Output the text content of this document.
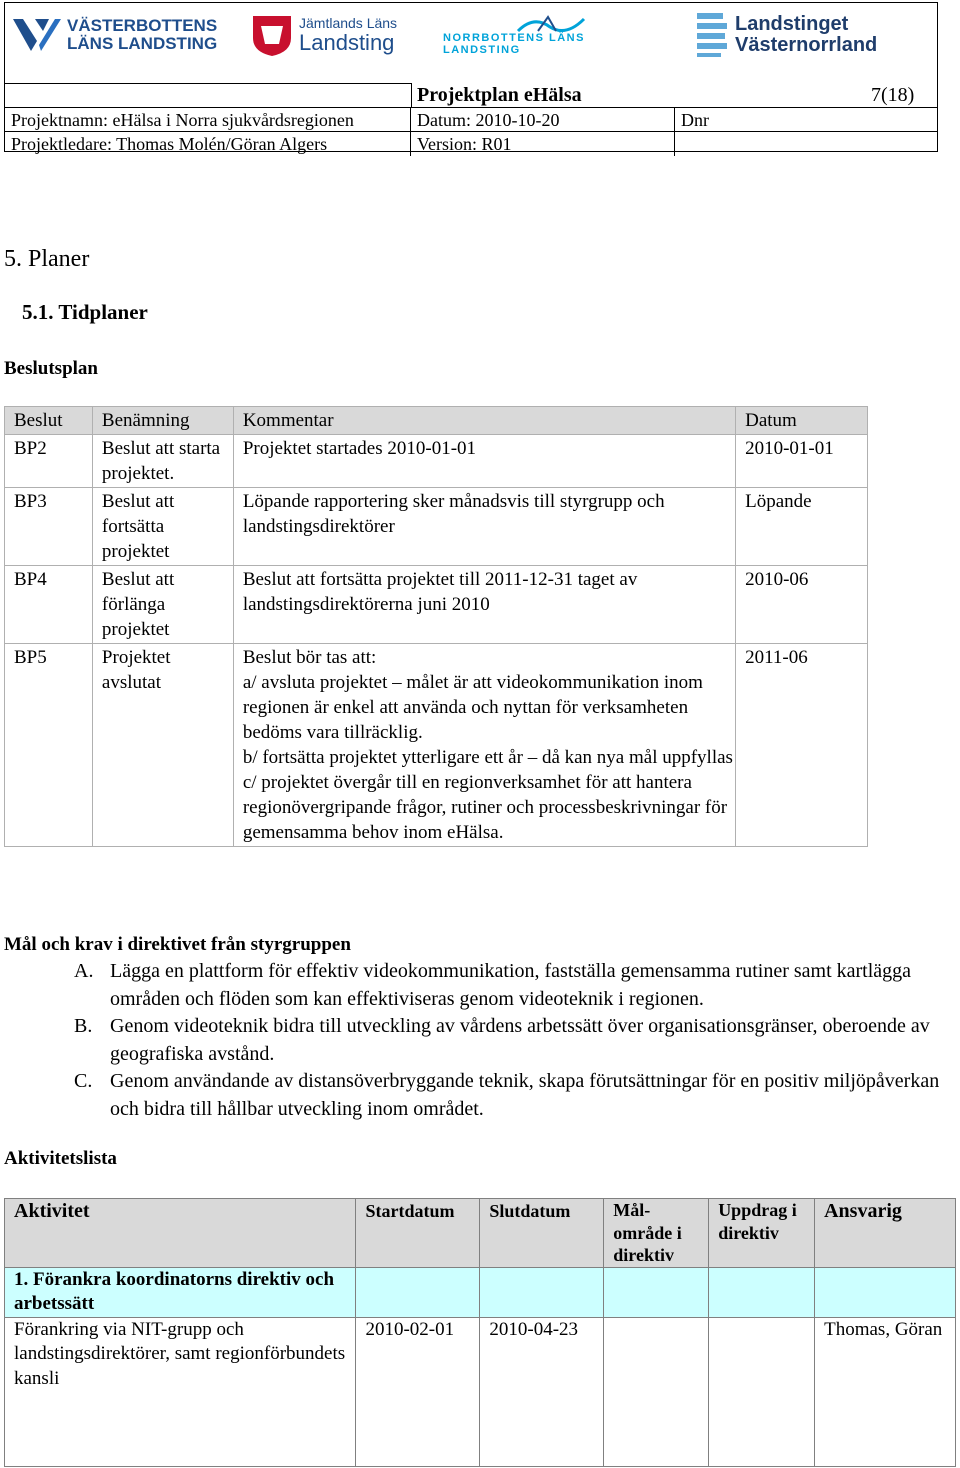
VÄSTERBOTTENS
LÄNS LANDSTING
Jämtlands Läns
Landsting	NORRBOTTENS LÄNS LANDSTING
Landstinget
Västernorrland
Projektplan eHälsa	7(18)
Projektnamn: eHälsa i Norra sjukvårdsregionen	Datum: 2010-10-20	Dnr
Projektledare: Thomas Molén/Göran Algers	Version: R01
5. Planer
5.1. Tidplaner
Beslutsplan
Beslut	Benämning	Kommentar	Datum
BP2	Beslut att starta projektet.	Projektet startades 2010-01-01	2010-01-01
BP3	Beslut att fortsätta projektet	Löpande rapportering sker månadsvis till styrgrupp och landstingsdirektörer	Löpande
BP4	Beslut att förlänga projektet	Beslut att fortsätta projektet till 2011-12-31 taget av landstingsdirektörerna juni 2010	2010-06
BP5	Projektet avslutat	Beslut bör tas att:
a/ avsluta projektet – målet är att videokommunikation inom regionen är enkel att använda och nyttan för verksamheten bedöms vara tillräcklig.
b/ fortsätta projektet ytterligare ett år – då kan nya mål uppfyllas
c/ projektet övergår till en regionverksamhet för att hantera regionövergripande frågor, rutiner och processbeskrivningar för gemensamma behov inom eHälsa.	2011-06
Mål och krav i direktivet från styrgruppen
A. Lägga en plattform för effektiv videokommunikation, fastställa gemensamma rutiner samt kartlägga områden och flöden som kan effektiviseras genom videoteknik i regionen.
B. Genom videoteknik bidra till utveckling av vårdens arbetssätt över organisationsgränser, oberoende av geografiska avstånd.
C. Genom användande av distansöverbryggande teknik, skapa förutsättningar för en positiv miljöpåverkan och bidra till hållbar utveckling inom området.
Aktivitetslista
Aktivitet	Startdatum	Slutdatum	Mål-område i direktiv	Uppdrag i direktiv	Ansvarig
1. Förankra koordinatorns direktiv och arbetssätt					
Förankring via NIT-grupp och landstingsdirektörer, samt regionförbundets kansli	2010-02-01	2010-04-23			Thomas, Göran
